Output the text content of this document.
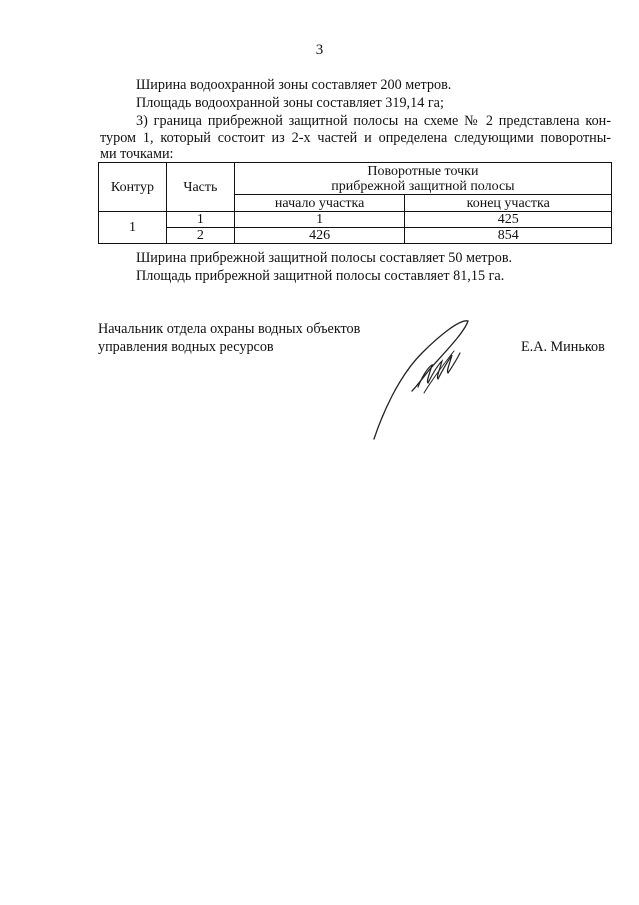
3
Ширина водоохранной зоны составляет 200 метров.
Площадь водоохранной зоны составляет 319,14 га;
3) граница прибрежной защитной полосы на схеме № 2 представлена кон-
туром 1, который состоит из 2-х частей и определена следующими поворотны-
ми точками:
Контур	Часть	Поворотные точки
прибрежной защитной полосы	

		начало участка	конец участка
1	1	1	425
	2	426	854
Ширина прибрежной защитной полосы составляет 50 метров.
Площадь прибрежной защитной полосы составляет 81,15 га.
Начальник отдела охраны водных объектов
управления водных ресурсов	Е.А. Миньков
